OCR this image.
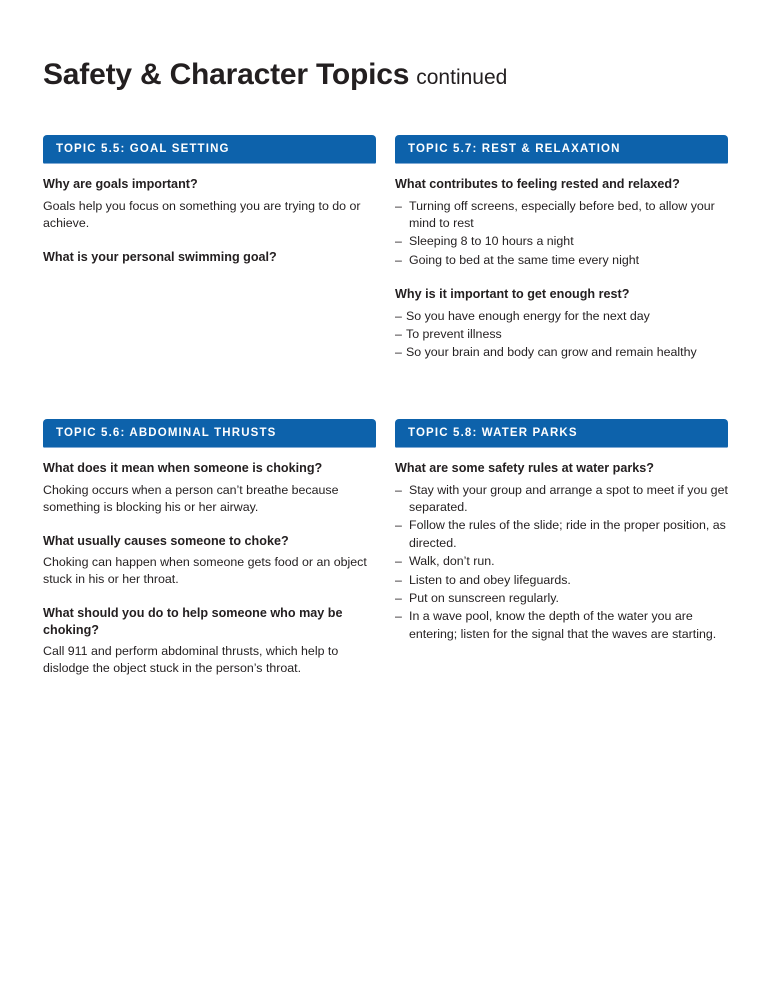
Safety & Character Topics continued
TOPIC 5.5: GOAL SETTING

Why are goals important?

Goals help you focus on something you are trying to do or achieve.

What is your personal swimming goal?

TOPIC 5.7: REST & RELAXATION

What contributes to feeling rested and relaxed?

– Turning off screens, especially before bed, to allow your mind to rest
– Sleeping 8 to 10 hours a night
– Going to bed at the same time every night

Why is it important to get enough rest?

– So you have enough energy for the next day
– To prevent illness
– So your brain and body can grow and remain healthy
TOPIC 5.6: ABDOMINAL THRUSTS

What does it mean when someone is choking?

Choking occurs when a person can’t breathe because something is blocking his or her airway.

What usually causes someone to choke?

Choking can happen when someone gets food or an object stuck in his or her throat.

What should you do to help someone who may be choking?

Call 911 and perform abdominal thrusts, which help to dislodge the object stuck in the person’s throat.

TOPIC 5.8: WATER PARKS

What are some safety rules at water parks?

– Stay with your group and arrange a spot to meet if you get separated.
– Follow the rules of the slide; ride in the proper position, as directed.
– Walk, don’t run.
– Listen to and obey lifeguards.
– Put on sunscreen regularly.
– In a wave pool, know the depth of the water you are entering; listen for the signal that the waves are starting.
